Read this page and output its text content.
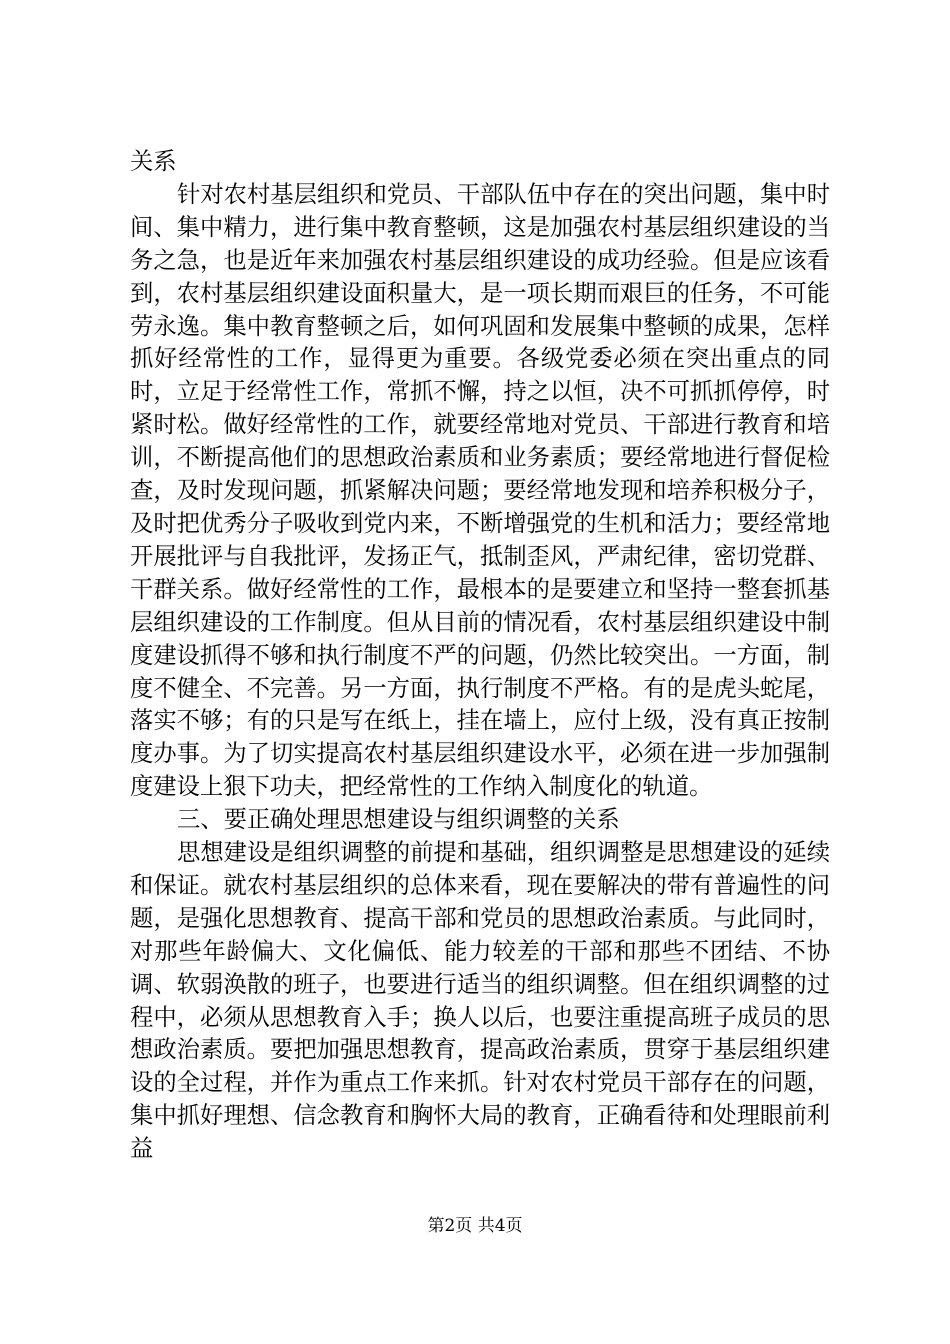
关系

针对农村基层组织和党员、干部队伍中存在的突出问题，集中时间、集中精力，进行集中教育整顿，这是加强农村基层组织建设的当务之急，也是近年来加强农村基层组织建设的成功经验。但是应该看到，农村基层组织建设面积量大，是一项长期而艰巨的任务，不可能劳永逸。集中教育整顿之后，如何巩固和发展集中整顿的成果，怎样抓好经常性的工作，显得更为重要。各级党委必须在突出重点的同时，立足于经常性工作，常抓不懈，持之以恒，决不可抓抓停停，时紧时松。做好经常性的工作，就要经常地对党员、干部进行教育和培训，不断提高他们的思想政治素质和业务素质；要经常地进行督促检查，及时发现问题，抓紧解决问题；要经常地发现和培养积极分子，及时把优秀分子吸收到党内来，不断增强党的生机和活力；要经常地开展批评与自我批评，发扬正气，抵制歪风，严肃纪律，密切党群、干群关系。做好经常性的工作，最根本的是要建立和坚持一整套抓基层组织建设的工作制度。但从目前的情况看，农村基层组织建设中制度建设抓得不够和执行制度不严的问题，仍然比较突出。一方面，制度不健全、不完善。另一方面，执行制度不严格。有的是虎头蛇尾，落实不够；有的只是写在纸上，挂在墙上，应付上级，没有真正按制度办事。为了切实提高农村基层组织建设水平，必须在进一步加强制度建设上狠下功夫，把经常性的工作纳入制度化的轨道。

三、要正确处理思想建设与组织调整的关系

思想建设是组织调整的前提和基础，组织调整是思想建设的延续和保证。就农村基层组织的总体来看，现在要解决的带有普遍性的问题，是强化思想教育、提高干部和党员的思想政治素质。与此同时，对那些年龄偏大、文化偏低、能力较差的干部和那些不团结、不协调、软弱涣散的班子，也要进行适当的组织调整。但在组织调整的过程中，必须从思想教育入手；换人以后，也要注重提高班子成员的思想政治素质。要把加强思想教育，提高政治素质，贯穿于基层组织建设的全过程，并作为重点工作来抓。针对农村党员干部存在的问题，集中抓好理想、信念教育和胸怀大局的教育，正确看待和处理眼前利益

第2页 共4页
